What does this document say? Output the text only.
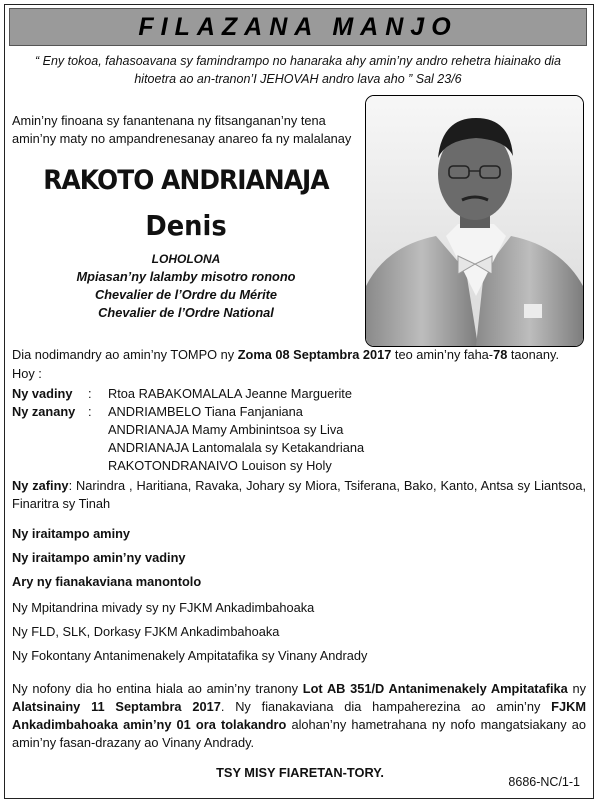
FILAZANA MANJO
“ Eny tokoa, fahasoavana sy famindrampo no hanaraka ahy amin’ny andro rehetra hiainako dia
hitoetra ao an-tranon’I JEHOVAH andro lava aho ” Sal 23/6
Amin’ny finoana sy fanantenana ny fitsanganan’ny tena
amin’ny maty no ampandrenesanay anareo fa ny malalanay
RAKOTO ANDRIANAJA
Denis
LOHOLONA
Mpiasan’ny lalamby misotro ronono
Chevalier de l’Ordre du Mérite
Chevalier de l’Ordre National
Dia nodimandry ao amin’ny TOMPO ny Zoma 08 Septambra 2017 teo amin’ny faha-78 taonany.
Hoy :
Ny vadiny	:	Rtoa RABAKOMALALA Jeanne Marguerite
Ny zanany :	ANDRIAMBELO Tiana Fanjaniana
ANDRIANAJA Mamy Ambinintsoa sy Liva
ANDRIANAJA Lantomalala sy Ketakandriana
RAKOTONDRANAIVO Louison sy Holy
Ny zafiny: Narindra , Haritiana, Ravaka, Johary sy Miora, Tsiferana, Bako, Kanto, Antsa sy Liantsoa, Finaritra sy Tinah
Ny iraitampo aminy
Ny iraitampo amin’ny vadiny
Ary ny fianakaviana manontolo
Ny Mpitandrina mivady sy ny FJKM Ankadimbahoaka
Ny FLD, SLK, Dorkasy FJKM Ankadimbahoaka
Ny Fokontany Antanimenakely Ampitatafika sy Vinany Andrady
Ny nofony dia ho entina hiala ao amin’ny tranony Lot AB 351/D Antanimenakely Ampitatafika ny Alatsinainy 11 Septambra 2017. Ny fianakaviana dia hampaherezina ao amin’ny FJKM Ankadimbahoaka amin’ny 01 ora tolakandro alohan’ny hametrahana ny nofo mangatsiakany ao amin’ny fasan-drazany ao Vinany Andrady.
TSY MISY FIARETAN-TORY.
8686-NC/1-1
